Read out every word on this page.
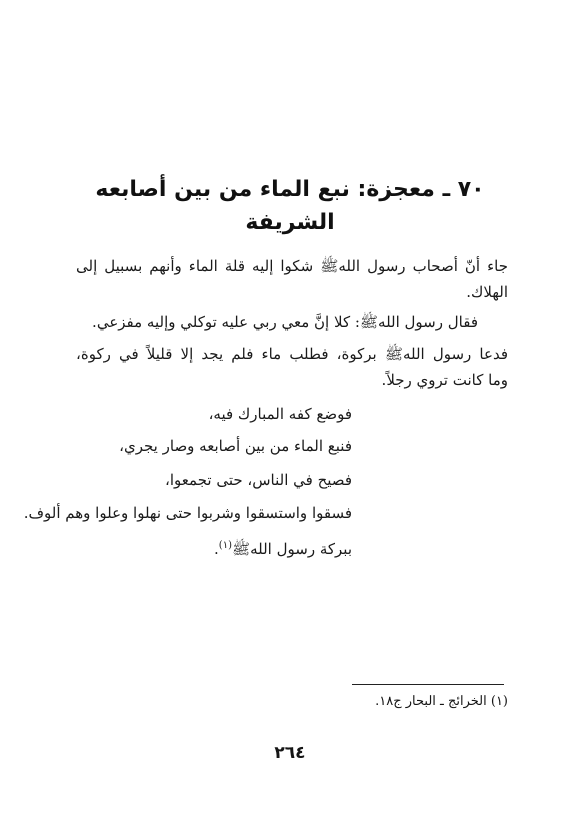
٧٠ ـ معجزة: نبع الماء من بين أصابعه
الشريفة
جاء أنّ أصحاب رسول اللهﷺ شكوا إليه قلة الماء وأنهم بسبيل إلى
الهلاك.
فقال رسول اللهﷺ: كلا إنَّ معي ربي عليه توكلي وإليه مفزعي.
فدعا رسول اللهﷺ بركوة، فطلب ماء فلم يجد إلا قليلاً في ركوة،
وما كانت تروي رجلاً.
فوضع كفه المبارك فيه،
فنبع الماء من بين أصابعه وصار يجري،
فصيح في الناس، حتى تجمعوا،
فسقوا واستسقوا وشربوا حتى نهلوا وعلوا وهم ألوف.
ببركة رسول اللهﷺ$^{(١)}$.
(١) الخرائج ـ البحار ج١٨.
٢٦٤
